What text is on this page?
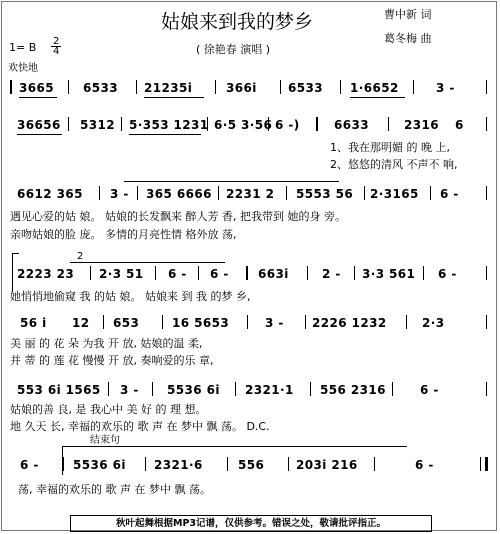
姑娘来到我的梦乡
( 徐艳春 演唱 )
曹中新 词
葛冬梅 曲
1= B 2
4
欢快地
3665 6533 21235i	366i	6533 1·6652	3 -
36656 5312 5·353 1231 6·5 3·56 6 -)	6633	2316 6
1、我在那明媚 的 晚 上,
2、悠悠的清风 不声不 响,
6612 365 3 - 365 6666 2231 2 5553 56 2·3165 6 -
遇见心爱的姑 娘。 姑娘的长发飘来 醉人芳 香, 把我带到 她的身 旁。
亲吻姑娘的脸 庞。 多情的月亮性情 格外放 荡,
2
2223 23 2·3 51 6 - 6 - 663i	2 - 3·3 561 6 -
她悄悄地偷窥 我 的姑 娘。 姑娘来 到 我 的梦 乡,
56 i 12 653	16 5653	3 - 2226 1232	2·3
美 丽 的 花 朵 为我 开 放, 姑娘的温 柔,
并 蒂 的 莲 花 慢慢 开 放, 奏响爱的乐 章,
553 6i 1565 3 - 5536 6i 2321·1 556 2316	6 -
姑娘的善 良, 是 我心中 美 好 的 理 想。
地 久天 长, 幸福的欢乐的 歌 声 在 梦中 飘 荡。 D.C.
结束句
6 -	5536 6i 2321·6	556	203i 216	6 -
荡, 幸福的欢乐的 歌 声 在 梦中 飘 荡。
秋叶起舞根据MP3记谱，仅供参考。错误之处，敬请批评指正。
